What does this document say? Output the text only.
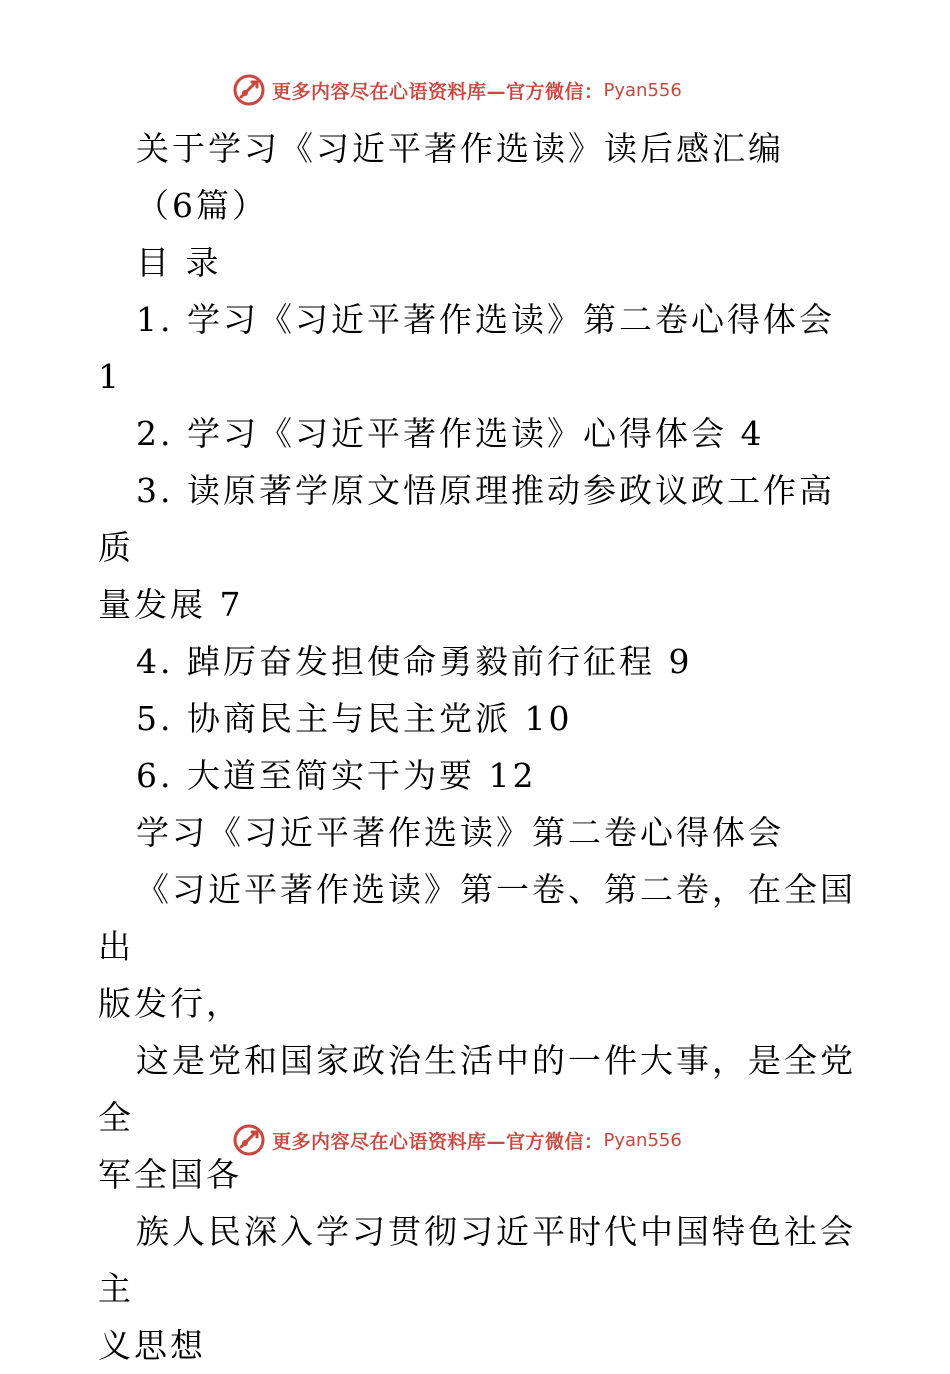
更多内容尽在心语资料库—官方微信： Pyan556

关于学习《习近平著作选读》读后感汇编

（6篇）

目 录

1. 学习《习近平著作选读》第二卷心得体会 1

2. 学习《习近平著作选读》心得体会 4

3. 读原著学原文悟原理推动参政议政工作高质

量发展 7

4. 踔厉奋发担使命勇毅前行征程 9

5. 协商民主与民主党派 10

6. 大道至简实干为要 12

学习《习近平著作选读》第二卷心得体会

《习近平著作选读》第一卷、第二卷，在全国出

版发行，

这是党和国家政治生活中的一件大事，是全党全

军全国各

族人民深入学习贯彻习近平时代中国特色社会主

义思想

更多内容尽在心语资料库—官方微信： Pyan556
